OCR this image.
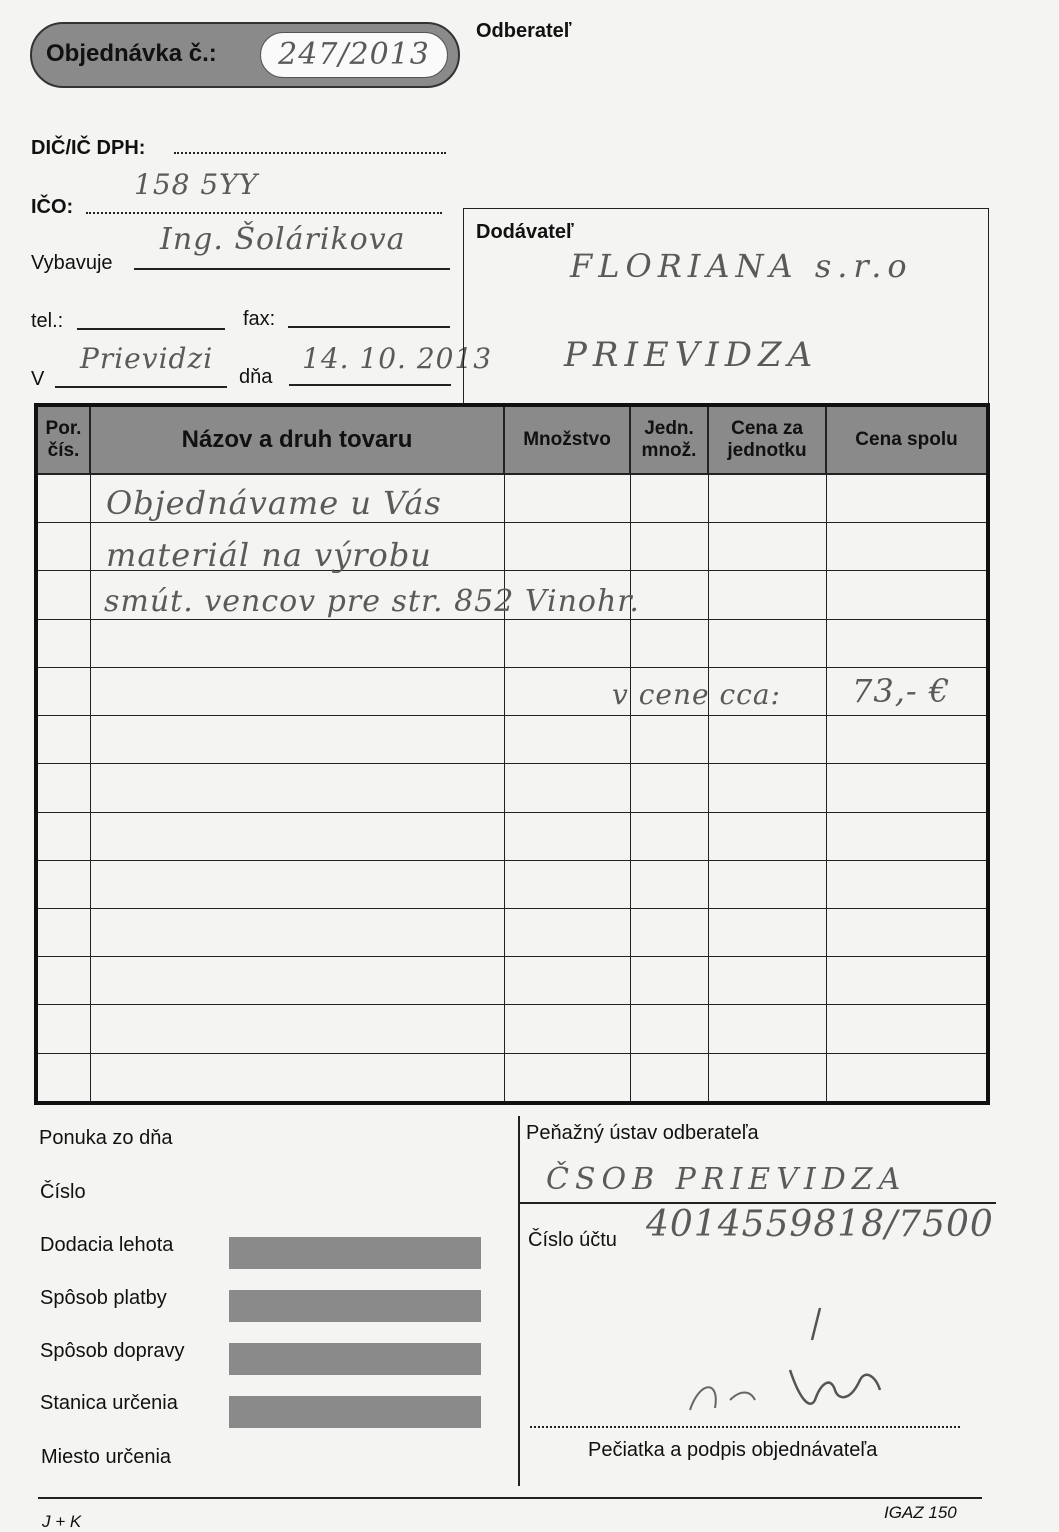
Objednávka č.:	247/2013
Odberateľ
DIČ/IČ DPH:
IČO:
158 5YY
Vybavuje
Ing. Šolárikova
tel.:	fax:
V
Prievidzi
dňa
14. 10. 2013
Dodávateľ
FLORIANA s.r.o
PRIEVIDZA
Por. čís.	Názov a druh tovaru	Množstvo	Jedn. množ.	Cena za jednotku	Cena spolu

Objednávame u Vás
materiál na výrobu
smút. vencov pre str. 852 Vinohr.
v cene cca: 73,- €
Ponuka zo dňa
Číslo
Dodacia lehota
Spôsob platby
Spôsob dopravy
Stanica určenia
Miesto určenia
Peňažný ústav odberateľa
ČSOB PRIEVIDZA
Číslo účtu 4014559818/7500
Pečiatka a podpis objednávateľa
J + K	IGAZ 150
